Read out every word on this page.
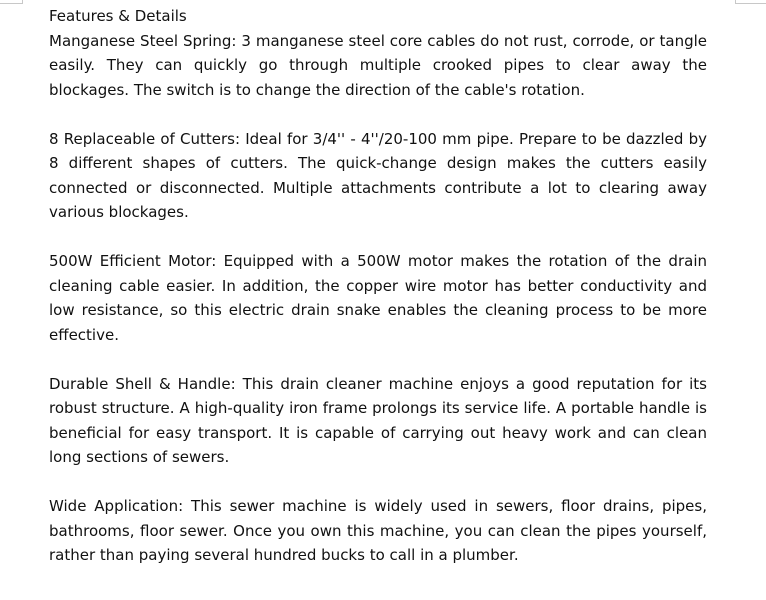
Features & Details

Manganese Steel Spring: 3 manganese steel core cables do not rust, corrode, or tangle easily. They can quickly go through multiple crooked pipes to clear away the blockages. The switch is to change the direction of the cable's rotation.

8 Replaceable of Cutters: Ideal for 3/4'' - 4''/20-100 mm pipe. Prepare to be dazzled by 8 different shapes of cutters. The quick-change design makes the cutters easily connected or disconnected. Multiple attachments contribute a lot to clearing away various blockages.

500W Efficient Motor: Equipped with a 500W motor makes the rotation of the drain cleaning cable easier. In addition, the copper wire motor has better conductivity and low resistance, so this electric drain snake enables the cleaning process to be more effective.

Durable Shell & Handle: This drain cleaner machine enjoys a good reputation for its robust structure. A high-quality iron frame prolongs its service life. A portable handle is beneficial for easy transport. It is capable of carrying out heavy work and can clean long sections of sewers.

Wide Application: This sewer machine is widely used in sewers, floor drains, pipes, bathrooms, floor sewer. Once you own this machine, you can clean the pipes yourself, rather than paying several hundred bucks to call in a plumber.
